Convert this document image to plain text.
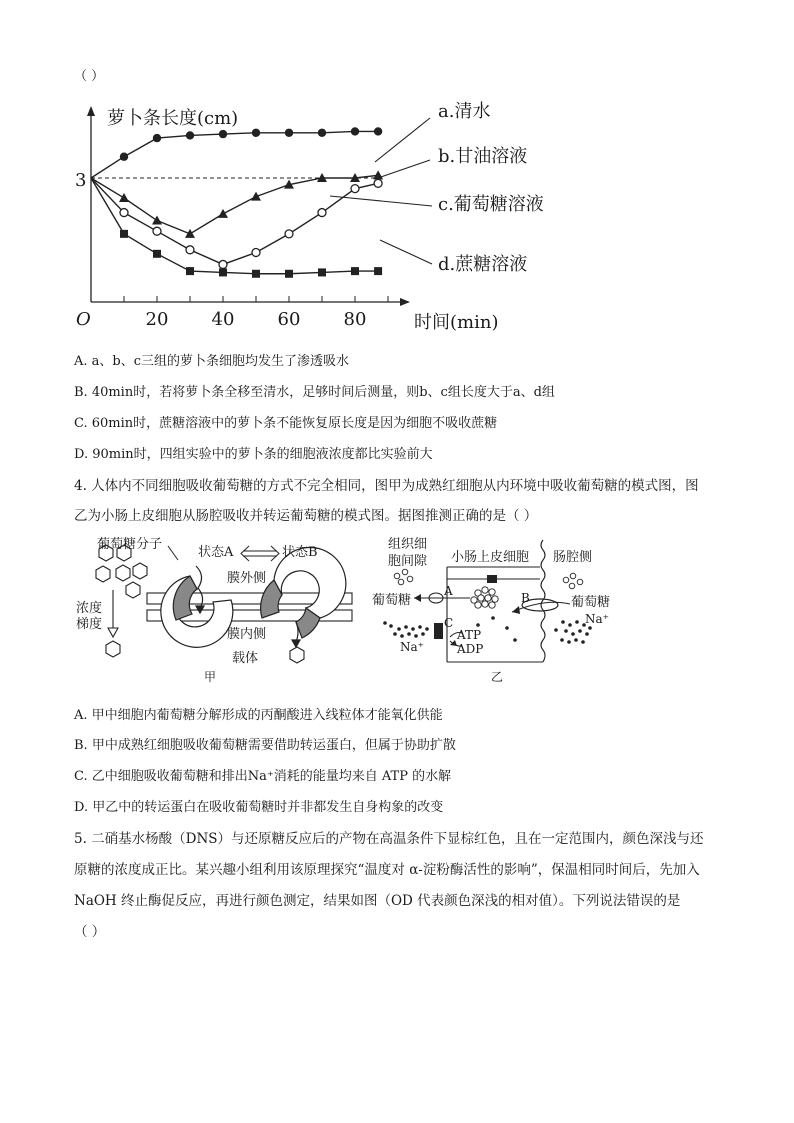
（ ）
萝卜条长度(cm)
时间(min)
O
3
20 40 60 80
a.清水
b.甘油溶液
c.葡萄糖溶液
d.蔗糖溶液
A. a、b、c三组的萝卜条细胞均发生了渗透吸水
B. 40min时，若将萝卜条全移至清水，足够时间后测量，则b、c组长度大于a、d组
C. 60min时，蔗糖溶液中的萝卜条不能恢复原长度是因为细胞不吸收蔗糖
D. 90min时，四组实验中的萝卜条的细胞液浓度都比实验前大
4. 人体内不同细胞吸收葡萄糖的方式不完全相同，图甲为成熟红细胞从内环境中吸收葡萄糖的模式图，图
乙为小肠上皮细胞从肠腔吸收并转运葡萄糖的模式图。据图推测正确的是（ ）
葡萄糖分子
状态A	状态B
膜外侧
膜内侧
载体
浓度
梯度
甲
组织细
胞间隙 小肠上皮细胞 肠腔侧
葡萄糖	葡萄糖
A	B
C
ATP
ADP
Na⁺
Na⁺
乙
A. 甲中细胞内葡萄糖分解形成的丙酮酸进入线粒体才能氧化供能
B. 甲中成熟红细胞吸收葡萄糖需要借助转运蛋白，但属于协助扩散
C. 乙中细胞吸收葡萄糖和排出Na⁺消耗的能量均来自 ATP 的水解
D. 甲乙中的转运蛋白在吸收葡萄糖时并非都发生自身构象的改变
5. 二硝基水杨酸（DNS）与还原糖反应后的产物在高温条件下显棕红色，且在一定范围内，颜色深浅与还
原糖的浓度成正比。某兴趣小组利用该原理探究“温度对 α-淀粉酶活性的影响”，保温相同时间后，先加入
NaOH 终止酶促反应，再进行颜色测定，结果如图（OD 代表颜色深浅的相对值）。下列说法错误的是
（ ）
